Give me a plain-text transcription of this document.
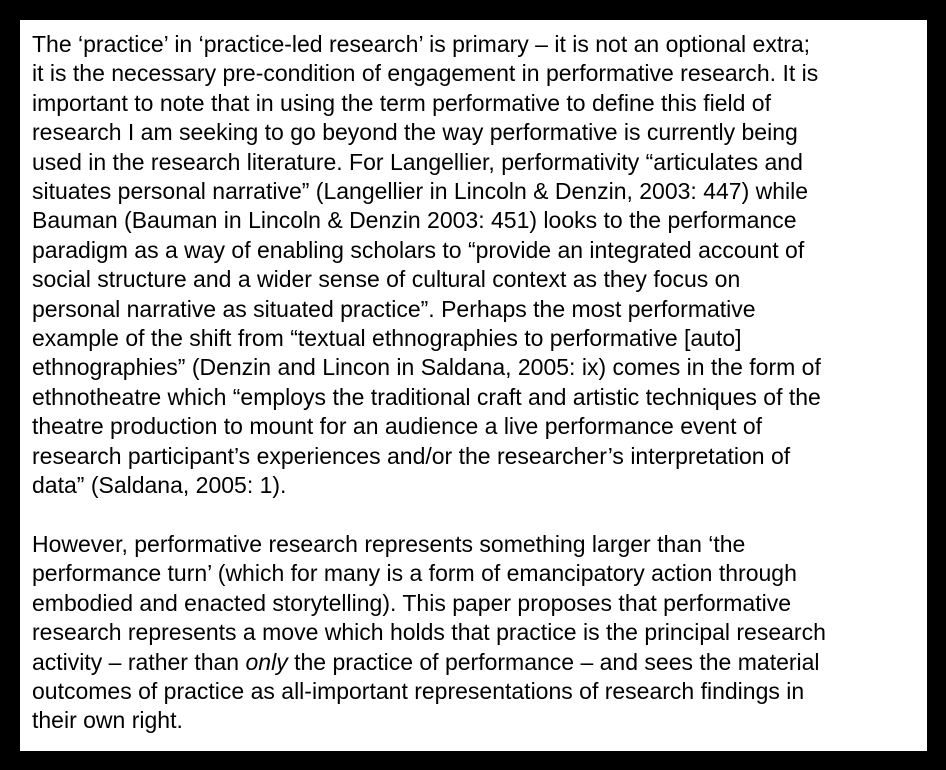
The ‘practice’ in ‘practice-led research’ is primary – it is not an optional extra;
it is the necessary pre-condition of engagement in performative research. It is
important to note that in using the term performative to define this field of
research I am seeking to go beyond the way performative is currently being
used in the research literature. For Langellier, performativity “articulates and
situates personal narrative” (Langellier in Lincoln & Denzin, 2003: 447) while
Bauman (Bauman in Lincoln & Denzin 2003: 451) looks to the performance
paradigm as a way of enabling scholars to “provide an integrated account of
social structure and a wider sense of cultural context as they focus on
personal narrative as situated practice”. Perhaps the most performative
example of the shift from “textual ethnographies to performative [auto]
ethnographies” (Denzin and Lincon in Saldana, 2005: ix) comes in the form of
ethnotheatre which “employs the traditional craft and artistic techniques of the
theatre production to mount for an audience a live performance event of
research participant’s experiences and/or the researcher’s interpretation of
data” (Saldana, 2005: 1).
However, performative research represents something larger than ‘the
performance turn’ (which for many is a form of emancipatory action through
embodied and enacted storytelling). This paper proposes that performative
research represents a move which holds that practice is the principal research
activity – rather than only the practice of performance – and sees the material
outcomes of practice as all-important representations of research findings in
their own right.
